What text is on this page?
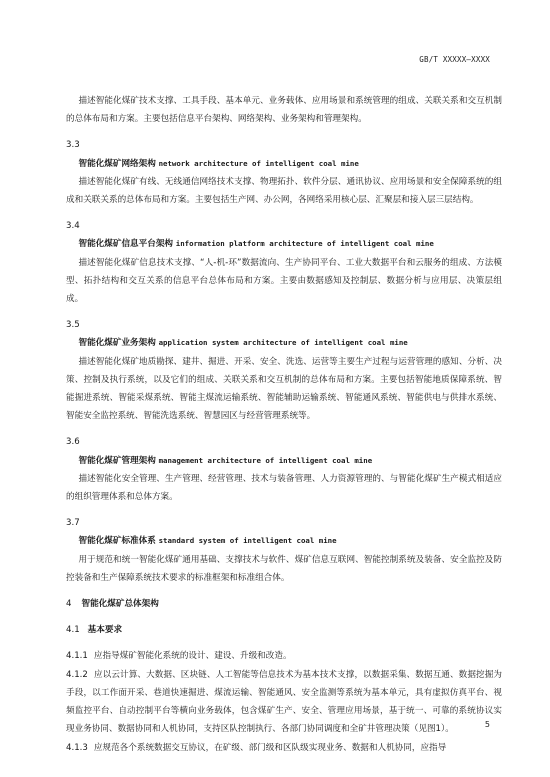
GB/T XXXXX—XXXX

描述智能化煤矿技术支撑、工具手段、基本单元、业务载体、应用场景和系统管理的组成、关联关系和交互机制的总体布局和方案。主要包括信息平台架构、网络架构、业务架构和管理架构。

3.3
智能化煤矿网络架构 network architecture of intelligent coal mine

描述智能化煤矿有线、无线通信网络技术支撑、物理拓扑、软件分层、通讯协议、应用场景和安全保障系统的组成和关联关系的总体布局和方案。主要包括生产网、办公网，各网络采用核心层、汇聚层和接入层三层结构。

3.4
智能化煤矿信息平台架构 information platform architecture of intelligent coal mine

描述智能化煤矿信息技术支撑、“人-机-环”数据流向、生产协同平台、工业大数据平台和云服务的组成、方法模型、拓扑结构和交互关系的信息平台总体布局和方案。主要由数据感知及控制层、数据分析与应用层、决策层组成。

3.5
智能化煤矿业务架构 application system architecture of intelligent coal mine

描述智能化煤矿地质勘探、建井、掘进、开采、安全、洗选、运营等主要生产过程与运营管理的感知、分析、决策、控制及执行系统，以及它们的组成、关联关系和交互机制的总体布局和方案。主要包括智能地质保障系统、智能掘进系统、智能采煤系统、智能主煤流运输系统、智能辅助运输系统、智能通风系统、智能供电与供排水系统、智能安全监控系统、智能洗选系统、智慧园区与经营管理系统等。

3.6
智能化煤矿管理架构 management architecture of intelligent coal mine

描述智能化安全管理、生产管理、经营管理、技术与装备管理、人力资源管理的、与智能化煤矿生产模式相适应的组织管理体系和总体方案。

3.7
智能化煤矿标准体系 standard system of intelligent coal mine

用于规范和统一智能化煤矿通用基础、支撑技术与软件、煤矿信息互联网、智能控制系统及装备、安全监控及防控装备和生产保障系统技术要求的标准框架和标准组合体。

4 智能化煤矿总体架构
4.1 基本要求

4.1.1 应指导煤矿智能化系统的设计、建设、升级和改造。

4.1.2 应以云计算、大数据、区块链、人工智能等信息技术为基本技术支撑，以数据采集、数据互通、数据挖掘为手段，以工作面开采、巷道快速掘进、煤流运输、智能通风、安全监测等系统为基本单元，具有虚拟仿真平台、视频监控平台、自动控制平台等横向业务载体，包含煤矿生产、安全、管理应用场景，基于统一、可靠的系统协议实现业务协同、数据协同和人机协同，支持区队控制执行、各部门协同调度和全矿井管理决策（见图1）。

4.1.3 应规范各个系统数据交互协议，在矿级、部门级和区队级实现业务、数据和人机协同，应指导

5
